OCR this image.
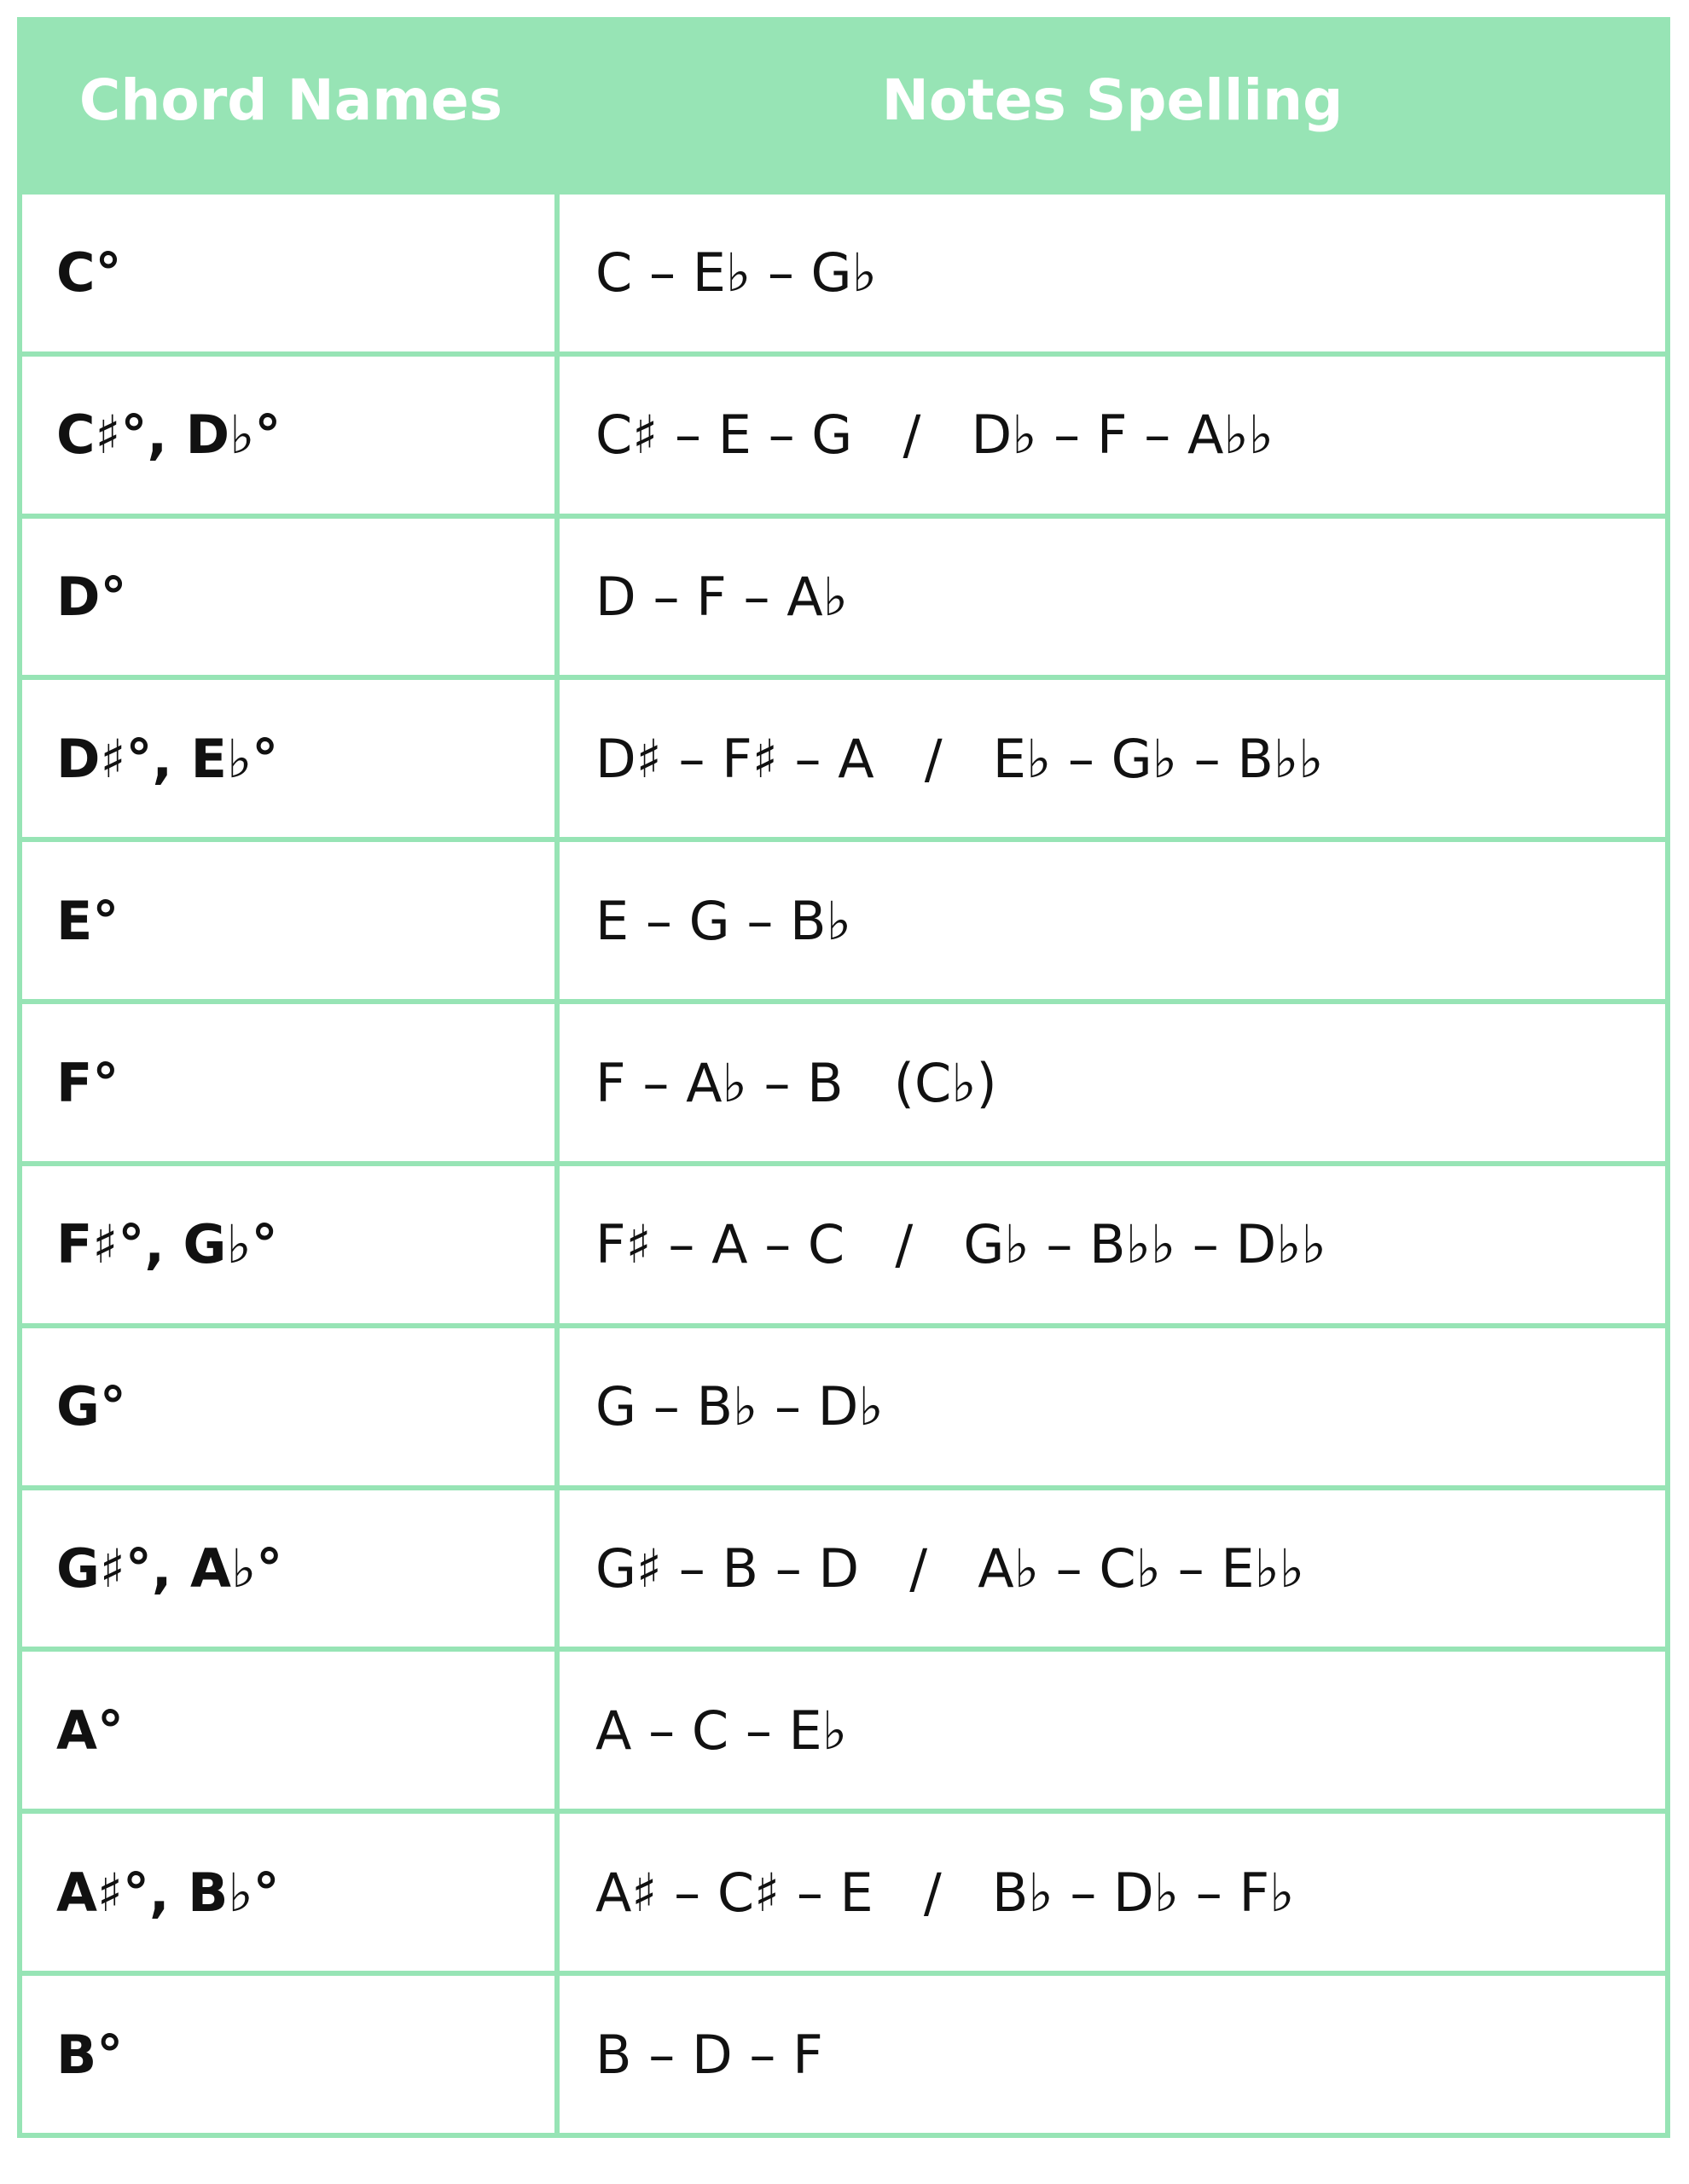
Chord Names	Notes Spelling
C°	C – E♭ – G♭
C♯°, D♭°	C♯ – E – G   /   D♭ – F – A♭♭
D°	D – F – A♭
D♯°, E♭°	D♯ – F♯ – A   /   E♭ – G♭ – B♭♭
E°	E – G – B♭
F°	F – A♭ – B   (C♭)
F♯°, G♭°	F♯ – A – C   /   G♭ – B♭♭ – D♭♭
G°	G – B♭ – D♭
G♯°, A♭°	G♯ – B – D   /   A♭ – C♭ – E♭♭
A°	A – C – E♭
A♯°, B♭°	A♯ – C♯ – E   /   B♭ – D♭ – F♭
B°	B – D – F
